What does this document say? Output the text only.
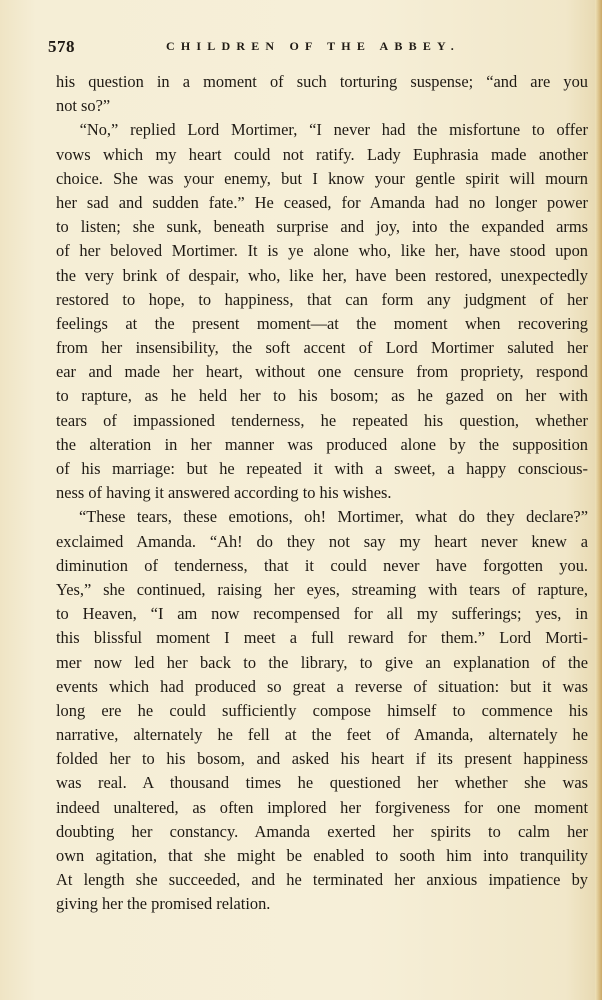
578	CHILDREN OF THE ABBEY.
his question in a moment of such torturing suspense; “and are you
not so?”
“No,” replied Lord Mortimer, “I never had the misfortune to offer
vows which my heart could not ratify. Lady Euphrasia made another
choice. She was your enemy, but I know your gentle spirit will mourn
her sad and sudden fate.” He ceased, for Amanda had no longer power
to listen; she sunk, beneath surprise and joy, into the expanded arms
of her beloved Mortimer. It is ye alone who, like her, have stood upon
the very brink of despair, who, like her, have been restored, unexpectedly
restored to hope, to happiness, that can form any judgment of her
feelings at the present moment—at the moment when recovering
from her insensibility, the soft accent of Lord Mortimer saluted her
ear and made her heart, without one censure from propriety, respond
to rapture, as he held her to his bosom; as he gazed on her with
tears of impassioned tenderness, he repeated his question, whether
the alteration in her manner was produced alone by the supposition
of his marriage: but he repeated it with a sweet, a happy conscious-
ness of having it answered according to his wishes.
“These tears, these emotions, oh! Mortimer, what do they declare?”
exclaimed Amanda. “Ah! do they not say my heart never knew a
diminution of tenderness, that it could never have forgotten you.
Yes,” she continued, raising her eyes, streaming with tears of rapture,
to Heaven, “I am now recompensed for all my sufferings; yes, in
this blissful moment I meet a full reward for them.” Lord Morti-
mer now led her back to the library, to give an explanation of the
events which had produced so great a reverse of situation: but it was
long ere he could sufficiently compose himself to commence his
narrative, alternately he fell at the feet of Amanda, alternately he
folded her to his bosom, and asked his heart if its present happiness
was real. A thousand times he questioned her whether she was
indeed unaltered, as often implored her forgiveness for one moment
doubting her constancy. Amanda exerted her spirits to calm her
own agitation, that she might be enabled to sooth him into tranquility
At length she succeeded, and he terminated her anxious impatience by
giving her the promised relation.
